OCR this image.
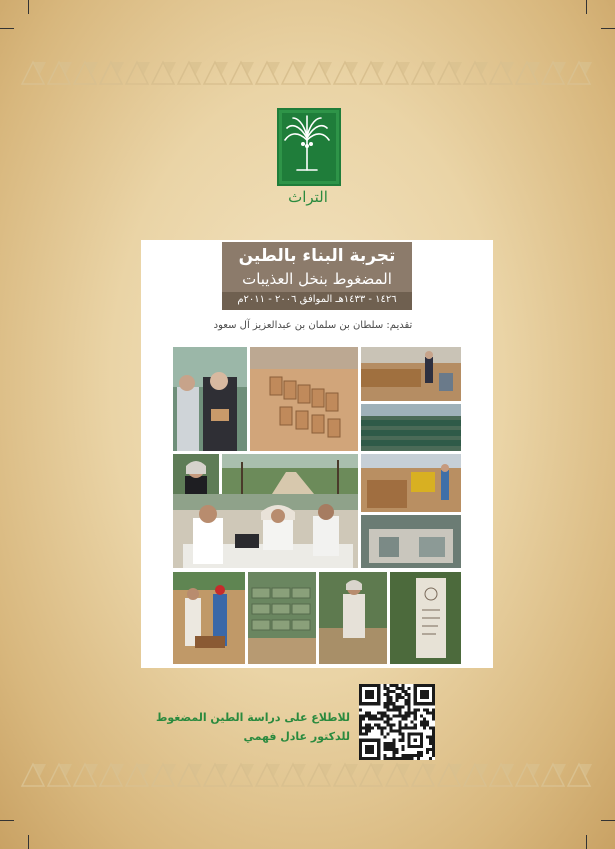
التراث
تجربة البناء بالطين
المضغوط بنخل العذيبات
١٤٢٦ - ١٤٣٣هـ الموافق ٢٠٠٦ - ٢٠١١م
تقديم: سلطان بن سلمان بن عبدالعزيز آل سعود
للاطلاع على دراسة الطين المضغوط
للدكتور عادل فهمي
